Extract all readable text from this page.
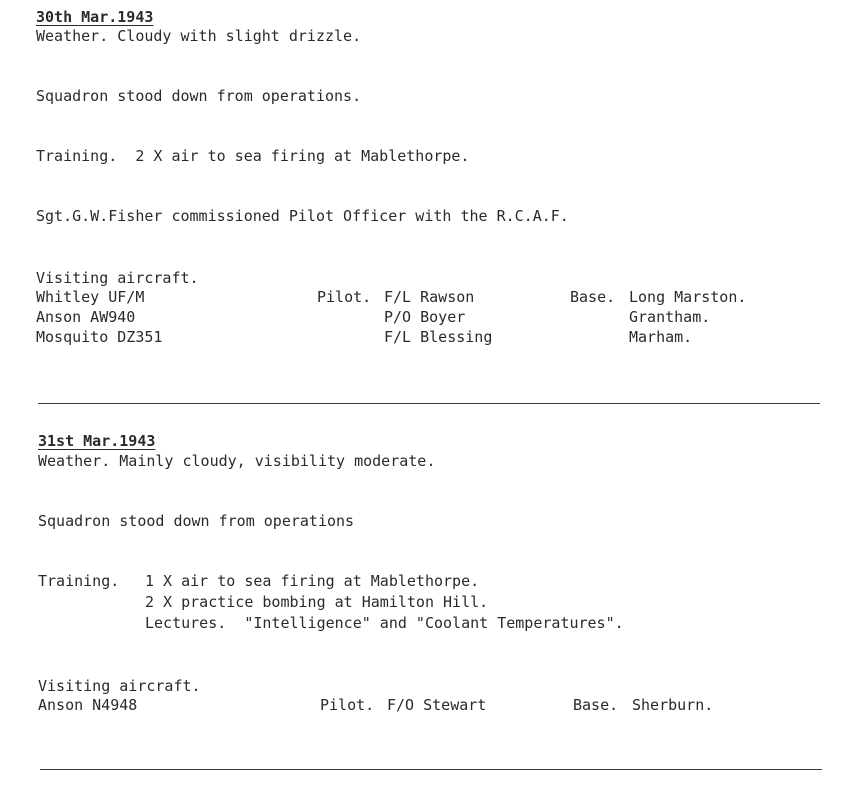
30th Mar.1943
Weather. Cloudy with slight drizzle.
Squadron stood down from operations.
Training.  2 X air to sea firing at Mablethorpe.
Sgt.G.W.Fisher commissioned Pilot Officer with the R.C.A.F.
Visiting aircraft.
Whitley UF/M	Pilot. F/L Rawson	Base. Long Marston.
Anson AW940	P/O Boyer	Grantham.
Mosquito DZ351	F/L Blessing	Marham.
31st Mar.1943
Weather. Mainly cloudy, visibility moderate.
Squadron stood down from operations
Training. 1 X air to sea firing at Mablethorpe.
2 X practice bombing at Hamilton Hill.
Lectures.  "Intelligence" and "Coolant Temperatures".
Visiting aircraft.
Anson N4948	Pilot. F/O Stewart	Base. Sherburn.
